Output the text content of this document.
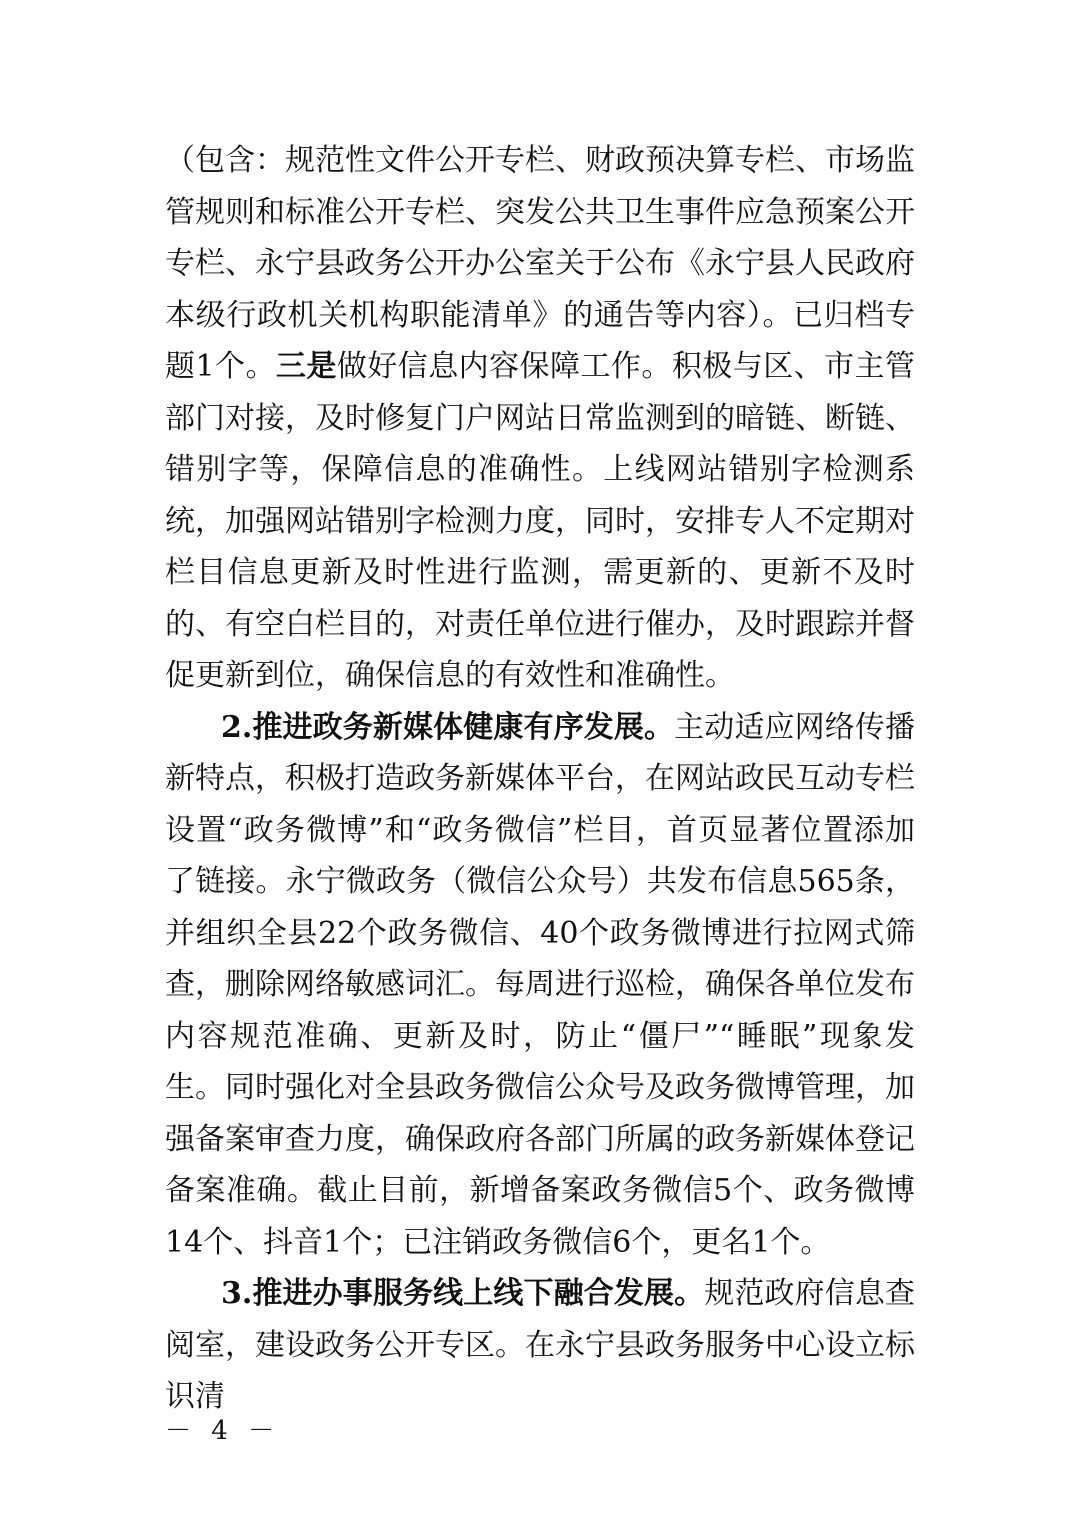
（包含：规范性文件公开专栏、财政预决算专栏、市场监管规则和标准公开专栏、突发公共卫生事件应急预案公开专栏、永宁县政务公开办公室关于公布《永宁县人民政府本级行政机关机构职能清单》的通告等内容）。已归档专题1个。三是做好信息内容保障工作。积极与区、市主管部门对接，及时修复门户网站日常监测到的暗链、断链、错别字等，保障信息的准确性。上线网站错别字检测系统，加强网站错别字检测力度，同时，安排专人不定期对栏目信息更新及时性进行监测，需更新的、更新不及时的、有空白栏目的，对责任单位进行催办，及时跟踪并督促更新到位，确保信息的有效性和准确性。

2.推进政务新媒体健康有序发展。主动适应网络传播新特点，积极打造政务新媒体平台，在网站政民互动专栏设置“政务微博”和“政务微信”栏目，首页显著位置添加了链接。永宁微政务（微信公众号）共发布信息565条，并组织全县22个政务微信、40个政务微博进行拉网式筛查，删除网络敏感词汇。每周进行巡检，确保各单位发布内容规范准确、更新及时，防止“僵尸”“睡眠”现象发生。同时强化对全县政务微信公众号及政务微博管理，加强备案审查力度，确保政府各部门所属的政务新媒体登记备案准确。截止目前，新增备案政务微信5个、政务微博14个、抖音1个；已注销政务微信6个，更名1个。

3.推进办事服务线上线下融合发展。规范政府信息查阅室，建设政务公开专区。在永宁县政务服务中心设立标识清

－ 4 －
